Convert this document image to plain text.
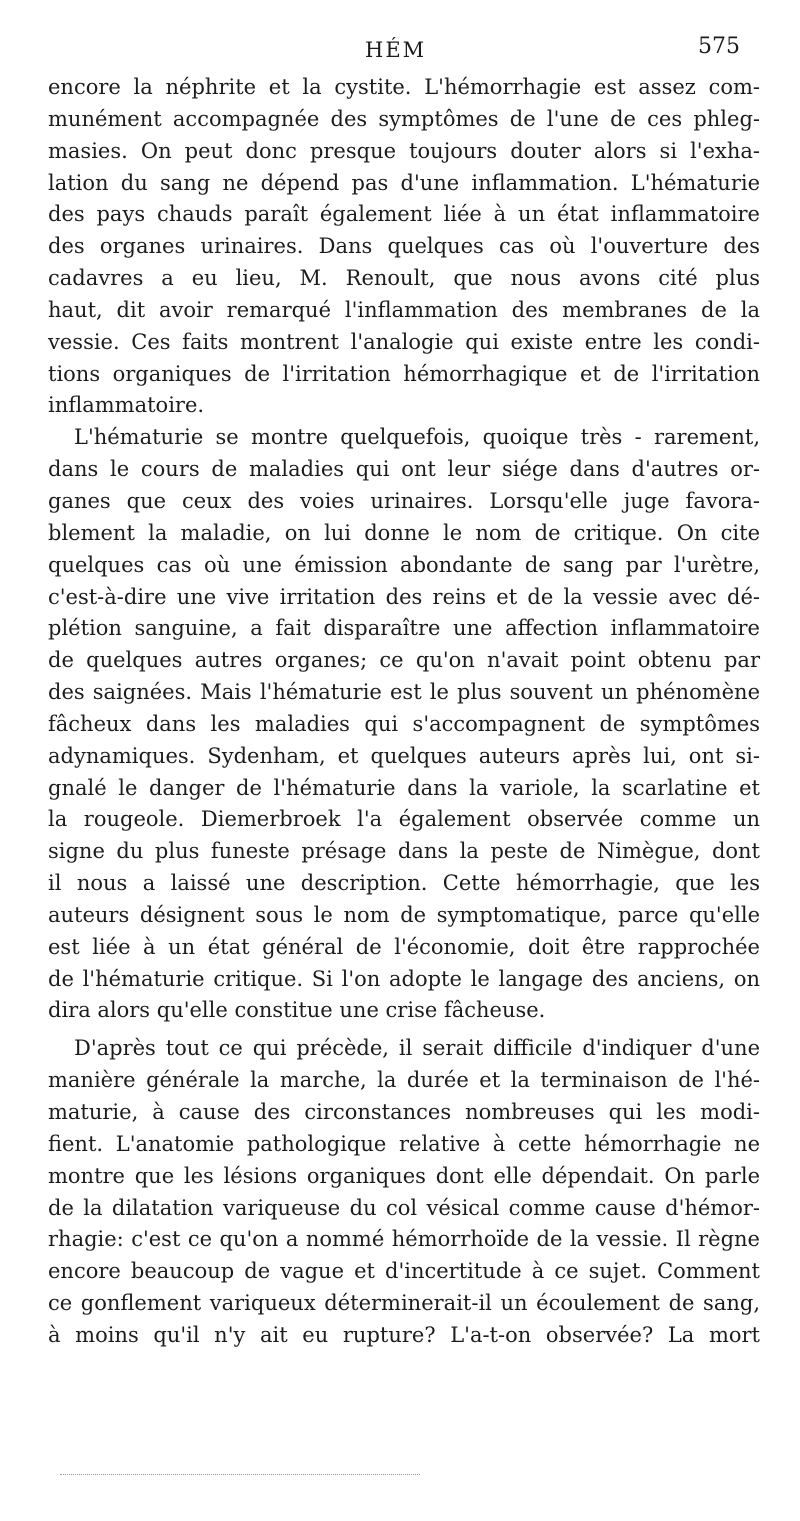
HÉM	575
encore la néphrite et la cystite. L'hémorrhagie est assez com-
munément accompagnée des symptômes de l'une de ces phleg-
masies. On peut donc presque toujours douter alors si l'exha-
lation du sang ne dépend pas d'une inflammation. L'hématurie
des pays chauds paraît également liée à un état inflammatoire
des organes urinaires. Dans quelques cas où l'ouverture des
cadavres a eu lieu, M. Renoult, que nous avons cité plus
haut, dit avoir remarqué l'inflammation des membranes de la
vessie. Ces faits montrent l'analogie qui existe entre les condi-
tions organiques de l'irritation hémorrhagique et de l'irritation
inflammatoire.
L'hématurie se montre quelquefois, quoique très - rarement,
dans le cours de maladies qui ont leur siége dans d'autres or-
ganes que ceux des voies urinaires. Lorsqu'elle juge favora-
blement la maladie, on lui donne le nom de critique. On cite
quelques cas où une émission abondante de sang par l'urètre,
c'est-à-dire une vive irritation des reins et de la vessie avec dé-
plétion sanguine, a fait disparaître une affection inflammatoire
de quelques autres organes; ce qu'on n'avait point obtenu par
des saignées. Mais l'hématurie est le plus souvent un phénomène
fâcheux dans les maladies qui s'accompagnent de symptômes
adynamiques. Sydenham, et quelques auteurs après lui, ont si-
gnalé le danger de l'hématurie dans la variole, la scarlatine et
la rougeole. Diemerbroek l'a également observée comme un
signe du plus funeste présage dans la peste de Nimègue, dont
il nous a laissé une description. Cette hémorrhagie, que les
auteurs désignent sous le nom de symptomatique, parce qu'elle
est liée à un état général de l'économie, doit être rapprochée
de l'hématurie critique. Si l'on adopte le langage des anciens, on
dira alors qu'elle constitue une crise fâcheuse.
D'après tout ce qui précède, il serait difficile d'indiquer d'une
manière générale la marche, la durée et la terminaison de l'hé-
maturie, à cause des circonstances nombreuses qui les modi-
fient. L'anatomie pathologique relative à cette hémorrhagie ne
montre que les lésions organiques dont elle dépendait. On parle
de la dilatation variqueuse du col vésical comme cause d'hémor-
rhagie: c'est ce qu'on a nommé hémorrhoïde de la vessie. Il règne
encore beaucoup de vague et d'incertitude à ce sujet. Comment
ce gonflement variqueux déterminerait-il un écoulement de sang,
à moins qu'il n'y ait eu rupture? L'a-t-on observée? La mort
